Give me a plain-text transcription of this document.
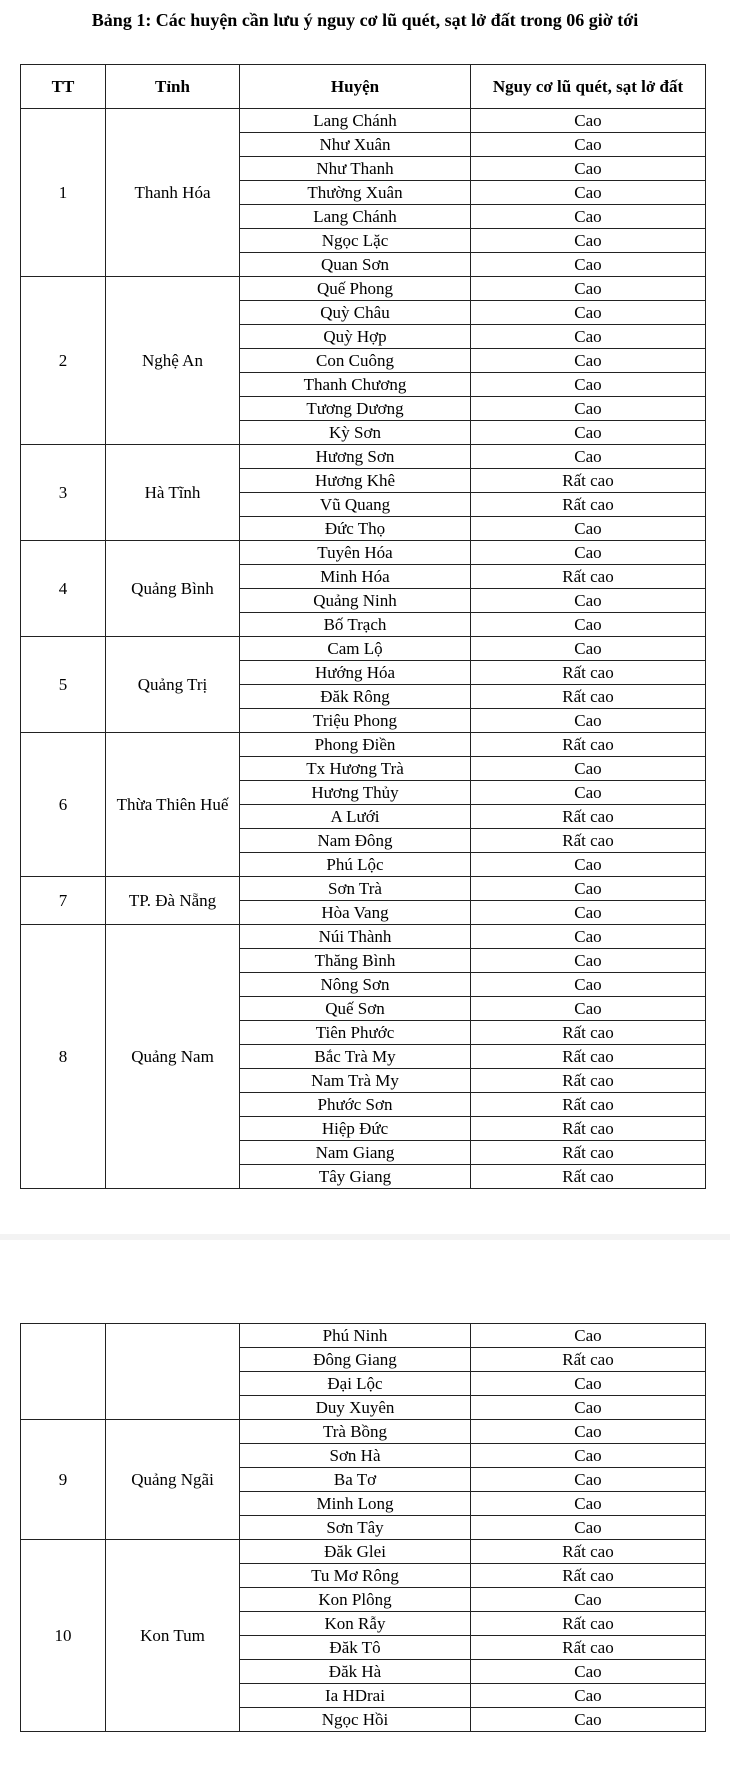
Bảng 1: Các huyện cần lưu ý nguy cơ lũ quét, sạt lở đất trong 06 giờ tới
TT	Tỉnh	Huyện	Nguy cơ lũ quét, sạt lở đất
1	Thanh Hóa	Lang Chánh	Cao
		Như Xuân	Cao
		Như Thanh	Cao
		Thường Xuân	Cao
		Lang Chánh	Cao
		Ngọc Lặc	Cao
		Quan Sơn	Cao
2	Nghệ An	Quế Phong	Cao
		Quỳ Châu	Cao
		Quỳ Hợp	Cao
		Con Cuông	Cao
		Thanh Chương	Cao
		Tương Dương	Cao
		Kỳ Sơn	Cao
3	Hà Tĩnh	Hương Sơn	Cao
		Hương Khê	Rất cao
		Vũ Quang	Rất cao
		Đức Thọ	Cao
4	Quảng Bình	Tuyên Hóa	Cao
		Minh Hóa	Rất cao
		Quảng Ninh	Cao
		Bố Trạch	Cao
5	Quảng Trị	Cam Lộ	Cao
		Hướng Hóa	Rất cao
		Đăk Rông	Rất cao
		Triệu Phong	Cao
6	Thừa Thiên Huế	Phong Điền	Rất cao
		Tx Hương Trà	Cao
		Hương Thủy	Cao
		A Lưới	Rất cao
		Nam Đông	Rất cao
		Phú Lộc	Cao
7	TP. Đà Nẵng	Sơn Trà	Cao
		Hòa Vang	Cao
8	Quảng Nam	Núi Thành	Cao
		Thăng Bình	Cao
		Nông Sơn	Cao
		Quế Sơn	Cao
		Tiên Phước	Rất cao
		Bắc Trà My	Rất cao
		Nam Trà My	Rất cao
		Phước Sơn	Rất cao
		Hiệp Đức	Rất cao
		Nam Giang	Rất cao
		Tây Giang	Rất cao
		Phú Ninh	Cao
		Đông Giang	Rất cao
		Đại Lộc	Cao
		Duy Xuyên	Cao
9	Quảng Ngãi	Trà Bồng	Cao
		Sơn Hà	Cao
		Ba Tơ	Cao
		Minh Long	Cao
		Sơn Tây	Cao
10	Kon Tum	Đăk Glei	Rất cao
		Tu Mơ Rông	Rất cao
		Kon Plông	Cao
		Kon Rẫy	Rất cao
		Đăk Tô	Rất cao
		Đăk Hà	Cao
		Ia HDrai	Cao
		Ngọc Hồi	Cao
